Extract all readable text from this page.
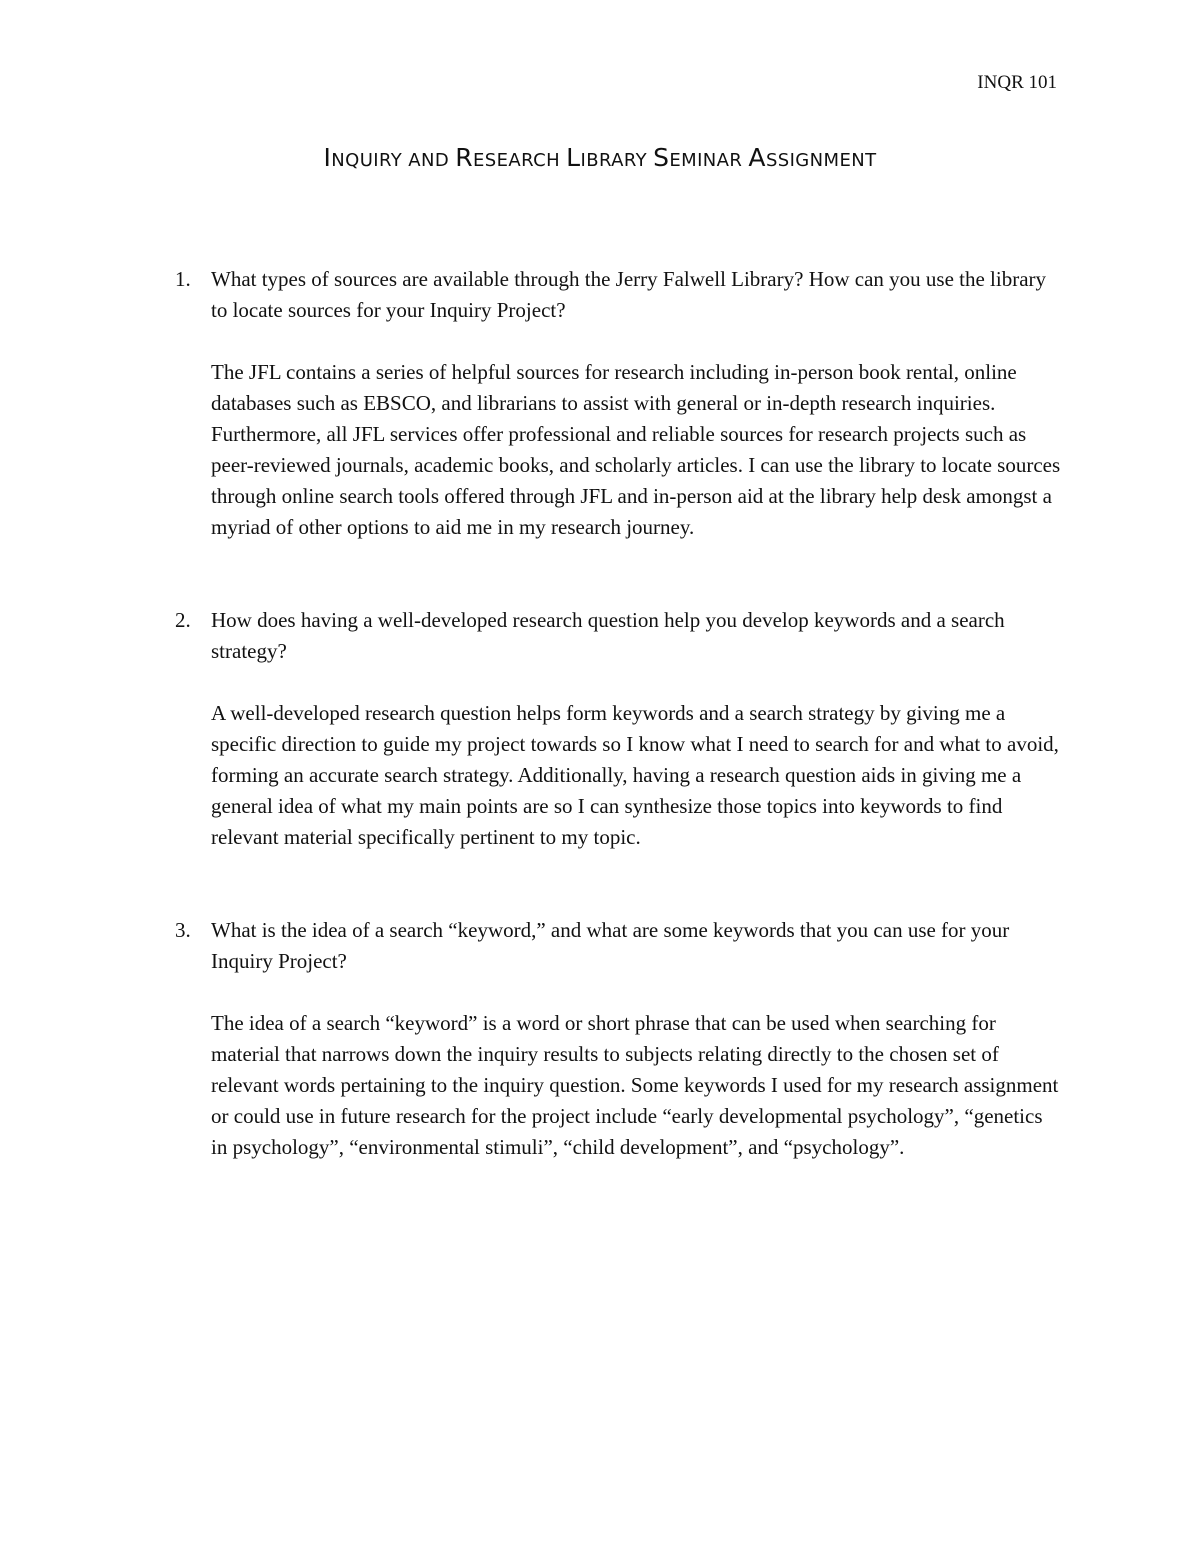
INQR 101
INQUIRY AND RESEARCH LIBRARY SEMINAR ASSIGNMENT
1. What types of sources are available through the Jerry Falwell Library? How can you use the library to locate sources for your Inquiry Project?

The JFL contains a series of helpful sources for research including in-person book rental, online databases such as EBSCO, and librarians to assist with general or in-depth research inquiries. Furthermore, all JFL services offer professional and reliable sources for research projects such as peer-reviewed journals, academic books, and scholarly articles. I can use the library to locate sources through online search tools offered through JFL and in-person aid at the library help desk amongst a myriad of other options to aid me in my research journey.

2. How does having a well-developed research question help you develop keywords and a search strategy?

A well-developed research question helps form keywords and a search strategy by giving me a specific direction to guide my project towards so I know what I need to search for and what to avoid, forming an accurate search strategy. Additionally, having a research question aids in giving me a general idea of what my main points are so I can synthesize those topics into keywords to find relevant material specifically pertinent to my topic.

3. What is the idea of a search “keyword,” and what are some keywords that you can use for your Inquiry Project?

The idea of a search “keyword” is a word or short phrase that can be used when searching for material that narrows down the inquiry results to subjects relating directly to the chosen set of relevant words pertaining to the inquiry question. Some keywords I used for my research assignment or could use in future research for the project include “early developmental psychology”, “genetics in psychology”, “environmental stimuli”, “child development”, and “psychology”.
